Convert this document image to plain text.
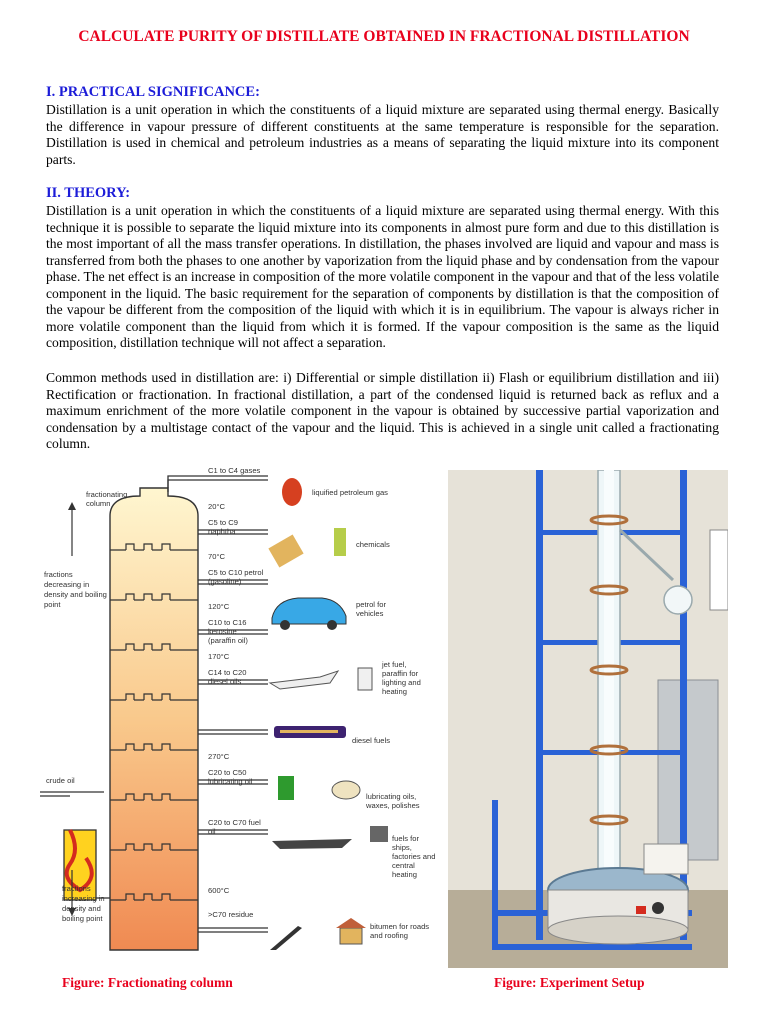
CALCULATE PURITY OF DISTILLATE OBTAINED IN FRACTIONAL DISTILLATION
I. PRACTICAL SIGNIFICANCE:

Distillation is a unit operation in which the constituents of a liquid mixture are separated using thermal energy. Basically the difference in vapour pressure of different constituents at the same temperature is responsible for the separation. Distillation is used in chemical and petroleum industries as a means of separating the liquid mixture into its component parts.

II. THEORY:

Distillation is a unit operation in which the constituents of a liquid mixture are separated using thermal energy. With this technique it is possible to separate the liquid mixture into its components in almost pure form and due to this distillation is the most important of all the mass transfer operations. In distillation, the phases involved are liquid and vapour and mass is transferred from both the phases to one another by vaporization from the liquid phase and by condensation from the vapour phase. The net effect is an increase in composition of the more volatile component in the vapour and that of the less volatile component in the liquid. The basic requirement for the separation of components by distillation is that the composition of the vapour be different from the composition of the liquid with which it is in equilibrium. The vapour is always richer in more volatile component than the liquid from which it is formed. If the vapour composition is the same as the liquid composition, distillation technique will not affect a separation.

Common methods used in distillation are: i) Differential or simple distillation ii) Flash or equilibrium distillation and iii) Rectification or fractionation. In fractional distillation, a part of the condensed liquid is returned back as reflux and a maximum enrichment of the more volatile component in the vapour is obtained by successive partial vaporization and condensation by a multistage contact of the vapour and the liquid. This is achieved in a single unit called a fractionating column.

fractionating column
fractions decreasing in density and boiling point
crude oil
fractions increasing in density and boiling point
20°C
70°C
120°C
170°C
270°C
600°C
C1 to C4 gases
C5 to C9 naphtha
C5 to C10 petrol (gasoline)
C10 to C16 kerosine (paraffin oil)
C14 to C20 diesel oils
C20 to C50 lubricating oil
C20 to C70 fuel oil
>C70 residue
liquified petroleum gas
chemicals
petrol for vehicles
jet fuel, paraffin for lighting and heating
diesel fuels
lubricating oils, waxes, polishes
fuels for ships, factories and central heating
bitumen for roads and roofing

Figure: Fractionating column	Figure: Experiment Setup
